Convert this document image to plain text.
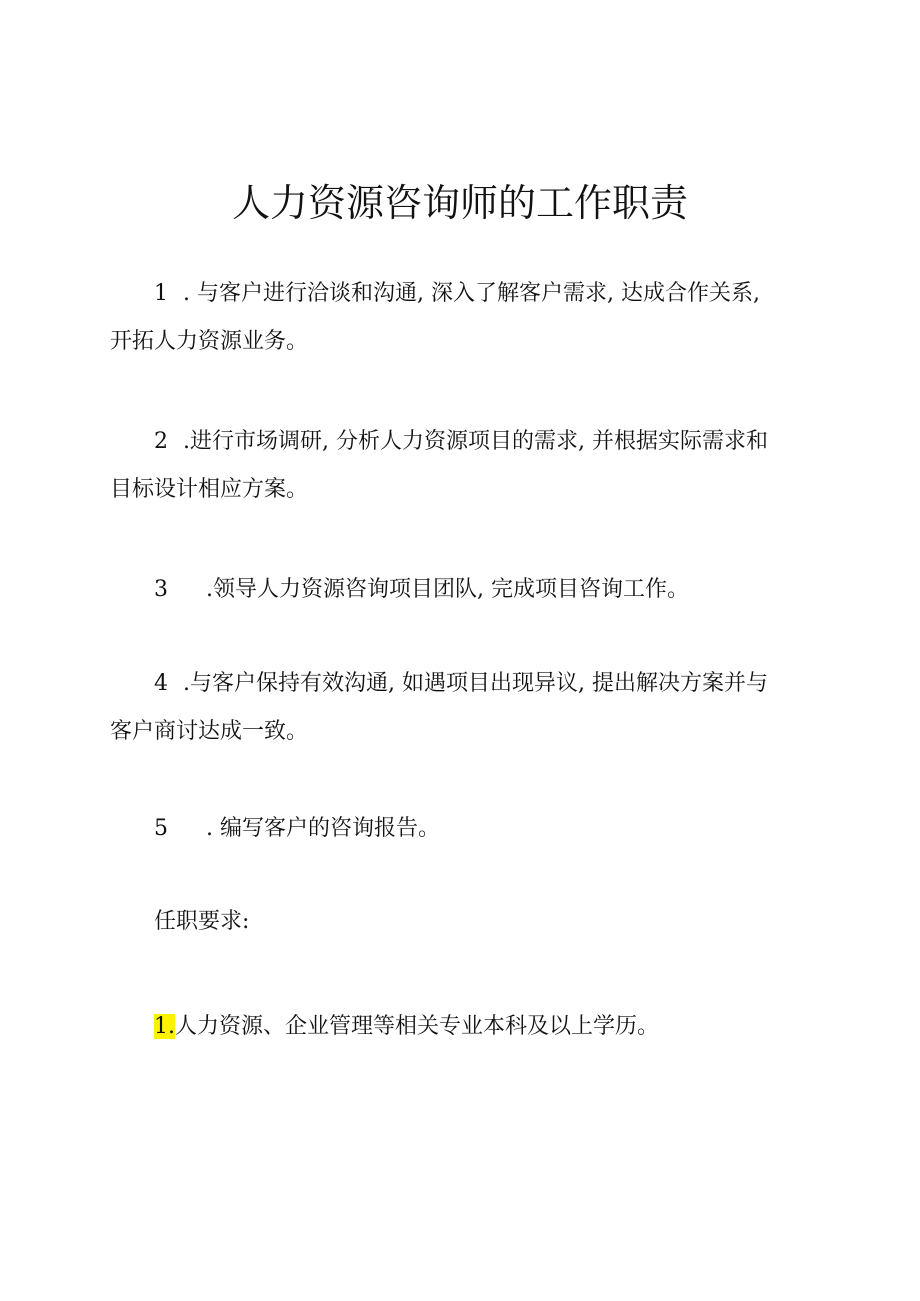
人力资源咨询师的工作职责
1 . 与客户进行洽谈和沟通, 深入了解客户需求, 达成合作关系,
开拓人力资源业务。
2 .进行市场调研, 分析人力资源项目的需求, 并根据实际需求和
目标设计相应方案。
3 .领导人力资源咨询项目团队, 完成项目咨询工作。
4 .与客户保持有效沟通, 如遇项目出现异议, 提出解决方案并与
客户商讨达成一致。
5 . 编写客户的咨询报告。
任职要求:
1.人力资源、企业管理等相关专业本科及以上学历。
